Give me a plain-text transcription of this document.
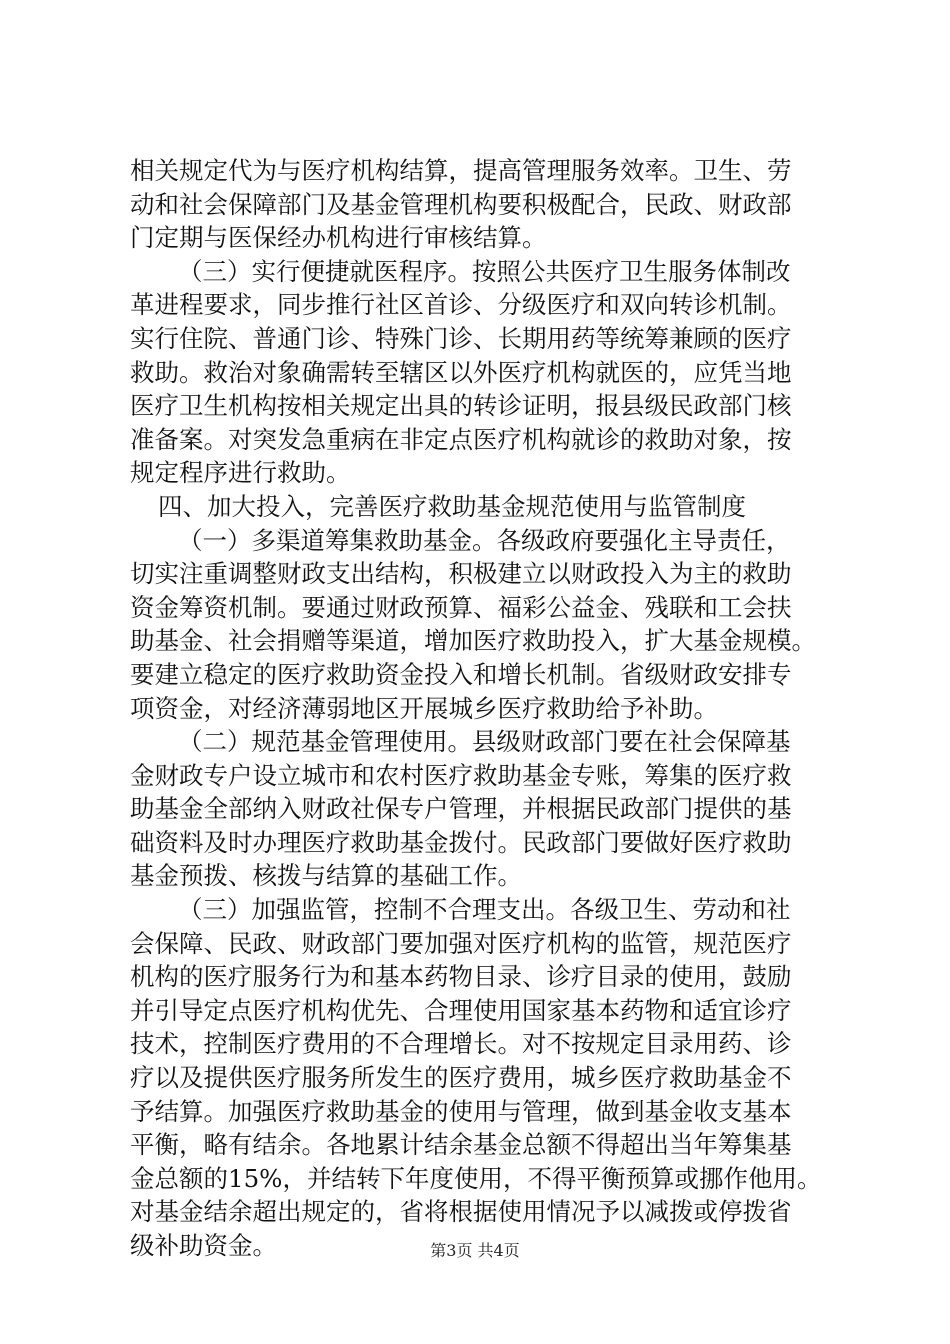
相关规定代为与医疗机构结算，提高管理服务效率。卫生、劳
动和社会保障部门及基金管理机构要积极配合，民政、财政部
门定期与医保经办机构进行审核结算。
（三）实行便捷就医程序。按照公共医疗卫生服务体制改
革进程要求，同步推行社区首诊、分级医疗和双向转诊机制。
实行住院、普通门诊、特殊门诊、长期用药等统筹兼顾的医疗
救助。救治对象确需转至辖区以外医疗机构就医的，应凭当地
医疗卫生机构按相关规定出具的转诊证明，报县级民政部门核
准备案。对突发急重病在非定点医疗机构就诊的救助对象，按
规定程序进行救助。
四、加大投入，完善医疗救助基金规范使用与监管制度
（一）多渠道筹集救助基金。各级政府要强化主导责任，
切实注重调整财政支出结构，积极建立以财政投入为主的救助
资金筹资机制。要通过财政预算、福彩公益金、残联和工会扶
助基金、社会捐赠等渠道，增加医疗救助投入，扩大基金规模。
要建立稳定的医疗救助资金投入和增长机制。省级财政安排专
项资金，对经济薄弱地区开展城乡医疗救助给予补助。
（二）规范基金管理使用。县级财政部门要在社会保障基
金财政专户设立城市和农村医疗救助基金专账，筹集的医疗救
助基金全部纳入财政社保专户管理，并根据民政部门提供的基
础资料及时办理医疗救助基金拨付。民政部门要做好医疗救助
基金预拨、核拨与结算的基础工作。
（三）加强监管，控制不合理支出。各级卫生、劳动和社
会保障、民政、财政部门要加强对医疗机构的监管，规范医疗
机构的医疗服务行为和基本药物目录、诊疗目录的使用，鼓励
并引导定点医疗机构优先、合理使用国家基本药物和适宜诊疗
技术，控制医疗费用的不合理增长。对不按规定目录用药、诊
疗以及提供医疗服务所发生的医疗费用，城乡医疗救助基金不
予结算。加强医疗救助基金的使用与管理，做到基金收支基本
平衡，略有结余。各地累计结余基金总额不得超出当年筹集基
金总额的15%，并结转下年度使用，不得平衡预算或挪作他用。
对基金结余超出规定的，省将根据使用情况予以减拨或停拨省
级补助资金。	第3页 共4页
